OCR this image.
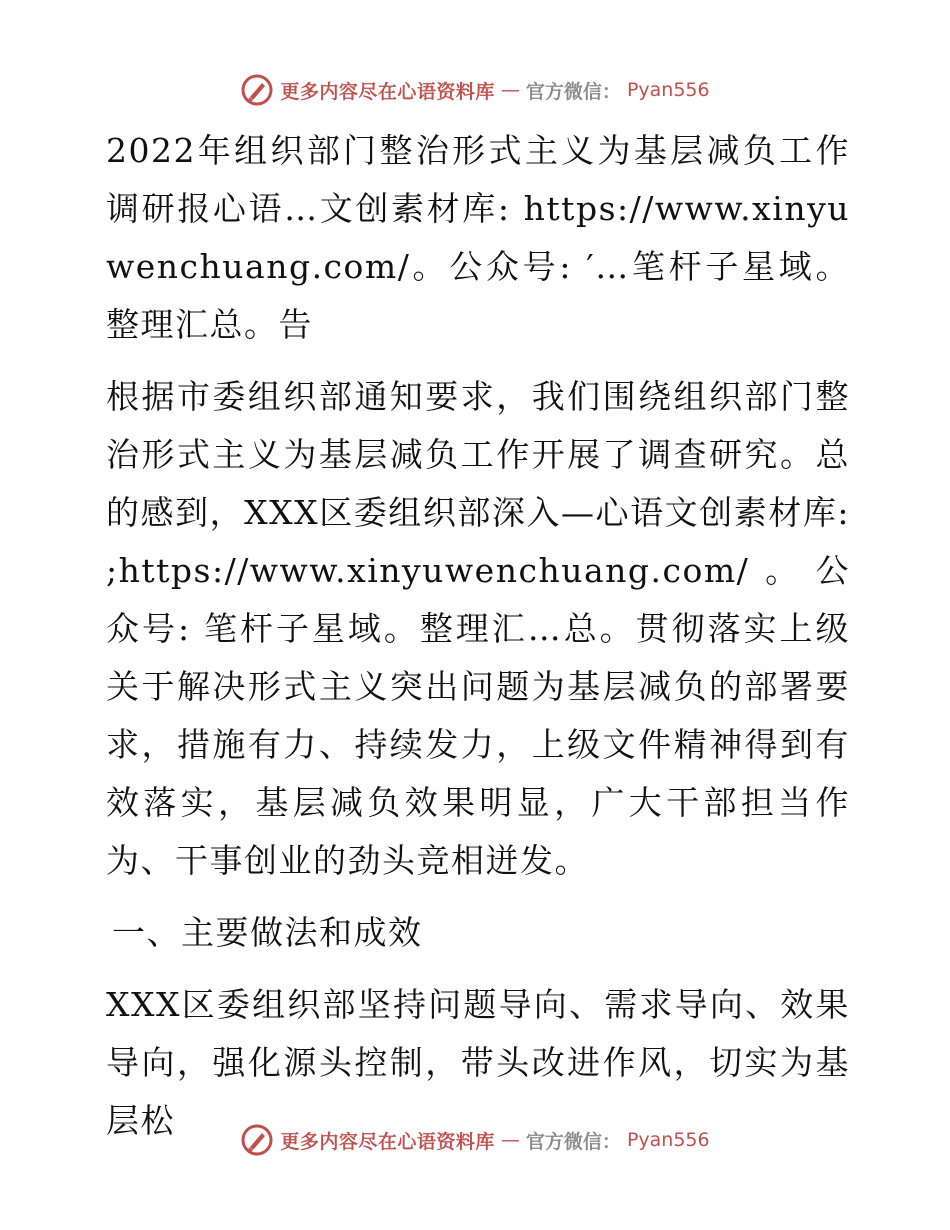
更多内容尽在心语资料库 — 官方微信： Pyan556

2022年组织部门整治形式主义为基层减负工作调研报心语…文创素材库: https://www.xinyuwenchuang.com/。公众号: ′…笔杆子星域。整理汇总。告

根据市委组织部通知要求，我们围绕组织部门整治形式主义为基层减负工作开展了调查研究。总的感到，XXX区委组织部深入—心语文创素材库: ;https://www.xinyuwenchuang.com/。公众号: 笔杆子星域。整理汇…总。贯彻落实上级关于解决形式主义突出问题为基层减负的部署要求，措施有力、持续发力，上级文件精神得到有效落实，基层减负效果明显，广大干部担当作为、干事创业的劲头竞相迸发。

一、主要做法和成效

XXX区委组织部坚持问题导向、需求导向、效果导向，强化源头控制，带头改进作风，切实为基层松

更多内容尽在心语资料库 — 官方微信： Pyan556
